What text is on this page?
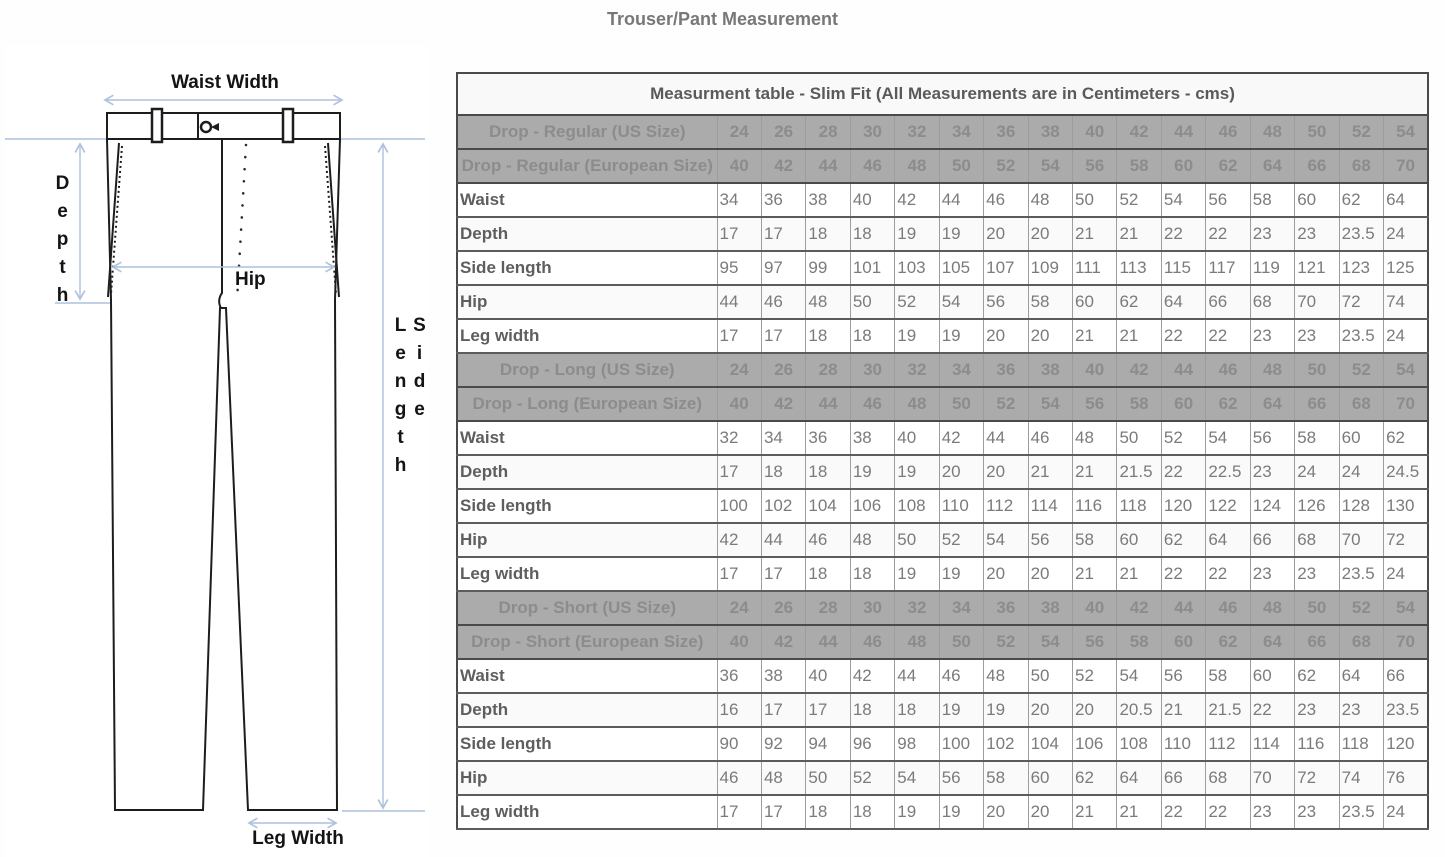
Trouser/Pant Measurement
Waist Width
Depth	Hip
Side Length
Leg Width
Measurment table - Slim Fit (All Measurements are in Centimeters - cms)																
Drop - Regular (US Size)	24	26	28	30	32	34	36	38	40	42	44	46	48	50	52	54
Drop - Regular (European Size)	40	42	44	46	48	50	52	54	56	58	60	62	64	66	68	70
Waist	34	36	38	40	42	44	46	48	50	52	54	56	58	60	62	64
Depth	17	17	18	18	19	19	20	20	21	21	22	22	23	23	23.5	24
Side length	95	97	99	101	103	105	107	109	111	113	115	117	119	121	123	125
Hip	44	46	48	50	52	54	56	58	60	62	64	66	68	70	72	74
Leg width	17	17	18	18	19	19	20	20	21	21	22	22	23	23	23.5	24
Drop - Long (US Size)	24	26	28	30	32	34	36	38	40	42	44	46	48	50	52	54
Drop - Long (European Size)	40	42	44	46	48	50	52	54	56	58	60	62	64	66	68	70
Waist	32	34	36	38	40	42	44	46	48	50	52	54	56	58	60	62
Depth	17	18	18	19	19	20	20	21	21	21.5	22	22.5	23	24	24	24.5
Side length	100	102	104	106	108	110	112	114	116	118	120	122	124	126	128	130
Hip	42	44	46	48	50	52	54	56	58	60	62	64	66	68	70	72
Leg width	17	17	18	18	19	19	20	20	21	21	22	22	23	23	23.5	24
Drop - Short (US Size)	24	26	28	30	32	34	36	38	40	42	44	46	48	50	52	54
Drop - Short (European Size)	40	42	44	46	48	50	52	54	56	58	60	62	64	66	68	70
Waist	36	38	40	42	44	46	48	50	52	54	56	58	60	62	64	66
Depth	16	17	17	18	18	19	19	20	20	20.5	21	21.5	22	23	23	23.5
Side length	90	92	94	96	98	100	102	104	106	108	110	112	114	116	118	120
Hip	46	48	50	52	54	56	58	60	62	64	66	68	70	72	74	76
Leg width	17	17	18	18	19	19	20	20	21	21	22	22	23	23	23.5	24
